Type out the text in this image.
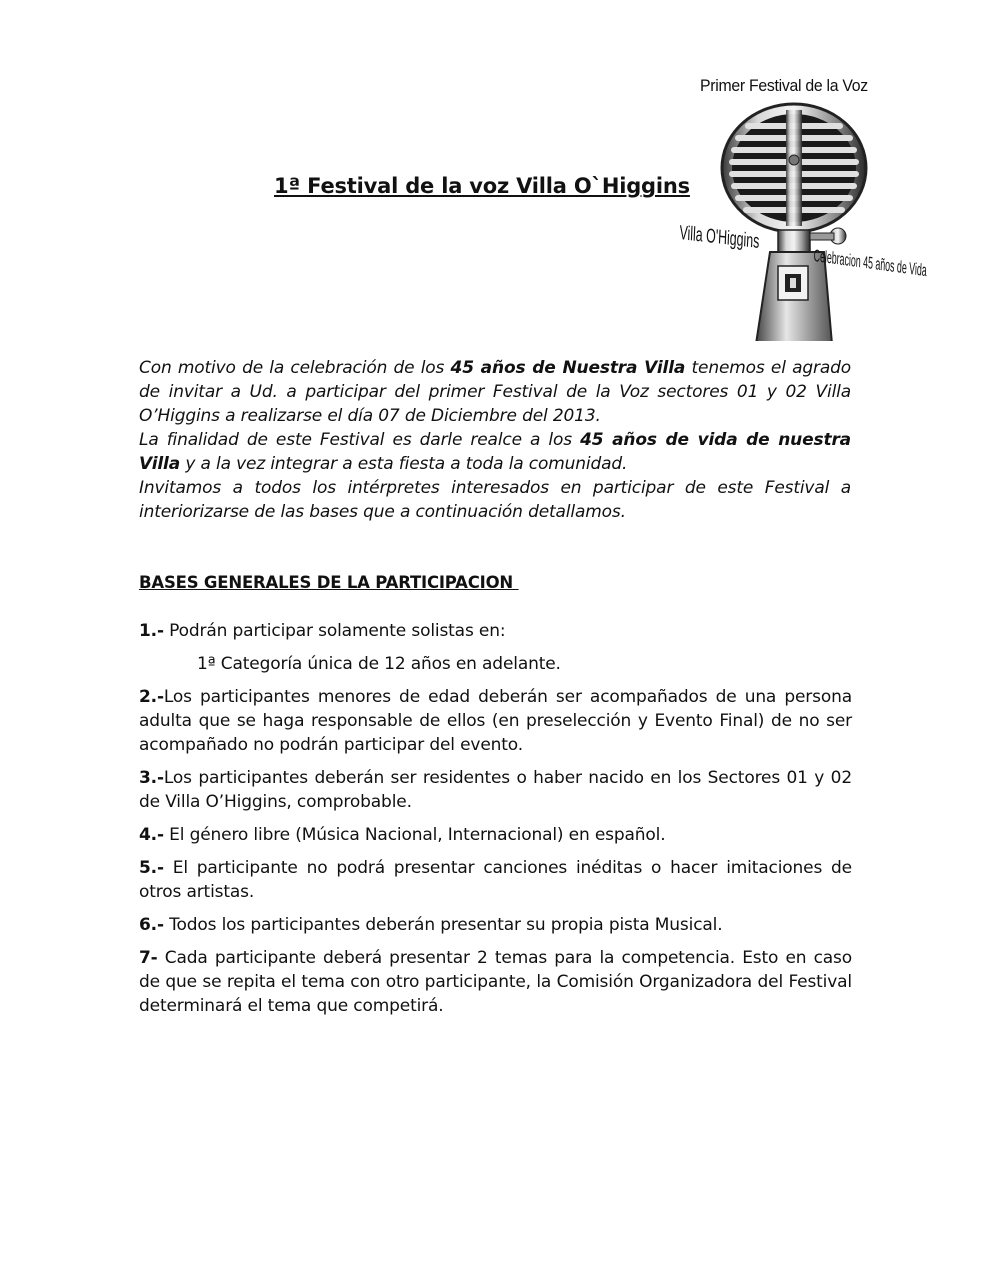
Primer Festival de la Voz
Villa O'Higgins
Celebracion 45 años de Vida
1ª Festival de la voz Villa O`Higgins

Con motivo de la celebración de los 45 años de Nuestra Villa tenemos el agrado de invitar a Ud. a participar del primer Festival de la Voz sectores 01 y 02 Villa O’Higgins a realizarse el día 07 de Diciembre del 2013.

La finalidad de este Festival es darle realce a los 45 años de vida de nuestra Villa y a la vez integrar a esta fiesta a toda la comunidad.

Invitamos a todos los intérpretes interesados en participar de este Festival a interiorizarse de las bases que a continuación detallamos.

BASES GENERALES DE LA PARTICIPACION

1.- Podrán participar solamente solistas en:

1ª Categoría única de 12 años en adelante.

2.-Los participantes menores de edad deberán ser acompañados de una persona adulta que se haga responsable de ellos (en preselección y Evento Final) de no ser acompañado no podrán participar del evento.

3.-Los participantes deberán ser residentes o haber nacido en los Sectores 01 y 02 de Villa O’Higgins, comprobable.

4.- El género libre (Música Nacional, Internacional) en español.

5.- El participante no podrá presentar canciones inéditas o hacer imitaciones de otros artistas.

6.- Todos los participantes deberán presentar su propia pista Musical.

7- Cada participante deberá presentar 2 temas para la competencia. Esto en caso de que se repita el tema con otro participante, la Comisión Organizadora del Festival determinará el tema que competirá.
